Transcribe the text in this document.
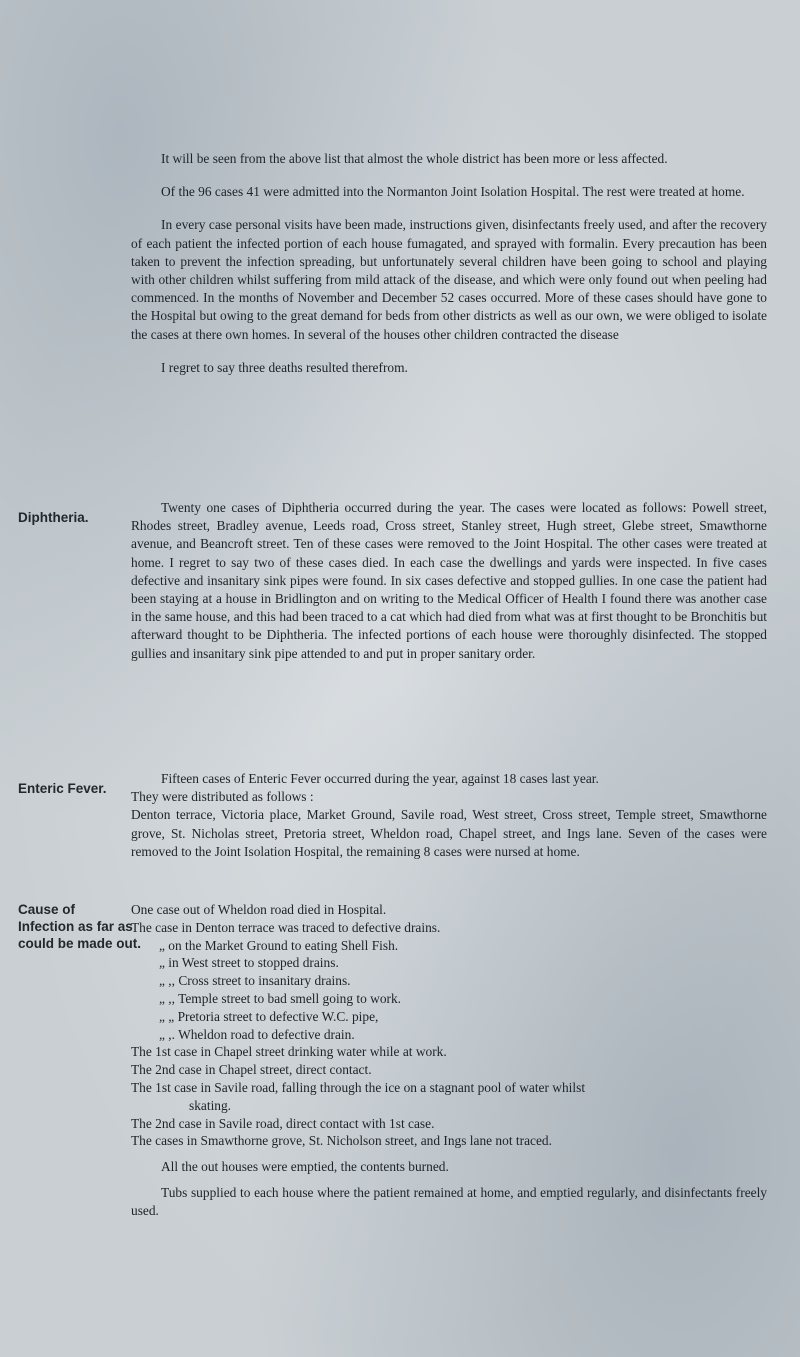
It will be seen from the above list that almost the whole district has been more or less affected.

Of the 96 cases 41 were admitted into the Normanton Joint Isolation Hospital. The rest were treated at home.

In every case personal visits have been made, instructions given, disinfectants freely used, and after the recovery of each patient the infected portion of each house fumagated, and sprayed with formalin. Every precaution has been taken to prevent the infection spreading, but unfortunately several children have been going to school and playing with other children whilst suffering from mild attack of the disease, and which were only found out when peeling had commenced. In the months of November and December 52 cases occurred. More of these cases should have gone to the Hospital but owing to the great demand for beds from other districts as well as our own, we were obliged to isolate the cases at there own homes. In several of the houses other children contracted the disease

I regret to say three deaths resulted therefrom.

Diphtheria.

Twenty one cases of Diphtheria occurred during the year. The cases were located as follows: Powell street, Rhodes street, Bradley avenue, Leeds road, Cross street, Stanley street, Hugh street, Glebe street, Smawthorne avenue, and Beancroft street. Ten of these cases were removed to the Joint Hospital. The other cases were treated at home. I regret to say two of these cases died. In each case the dwellings and yards were inspected. In five cases defective and insanitary sink pipes were found. In six cases defective and stopped gullies. In one case the patient had been staying at a house in Bridlington and on writing to the Medical Officer of Health I found there was another case in the same house, and this had been traced to a cat which had died from what was at first thought to be Bronchitis but afterward thought to be Diphtheria. The infected portions of each house were thoroughly disinfected. The stopped gullies and insanitary sink pipe attended to and put in proper sanitary order.

Enteric Fever.

Fifteen cases of Enteric Fever occurred during the year, against 18 cases last year.

They were distributed as follows :
Denton terrace, Victoria place, Market Ground, Savile road, West street, Cross street, Temple street, Smawthorne grove, St. Nicholas street, Pretoria street, Wheldon road, Chapel street, and Ings lane. Seven of the cases were removed to the Joint Isolation Hospital, the remaining 8 cases were nursed at home.
Cause of
Infection as far as
could be made out.
One case out of Wheldon road died in Hospital.
The case in Denton terrace was traced to defective drains.
„ on the Market Ground to eating Shell Fish.
„ in West street to stopped drains.
„ ,, Cross street to insanitary drains.
„ ,, Temple street to bad smell going to work.
„ „ Pretoria street to defective W.C. pipe,
„ ,. Wheldon road to defective drain.
The 1st case in Chapel street drinking water while at work.
The 2nd case in Chapel street, direct contact.
The 1st case in Savile road, falling through the ice on a stagnant pool of water whilst
skating.
The 2nd case in Savile road, direct contact with 1st case.
The cases in Smawthorne grove, St. Nicholson street, and Ings lane not traced.
All the out houses were emptied, the contents burned.
Tubs supplied to each house where the patient remained at home, and emptied regularly, and disinfectants freely used.
